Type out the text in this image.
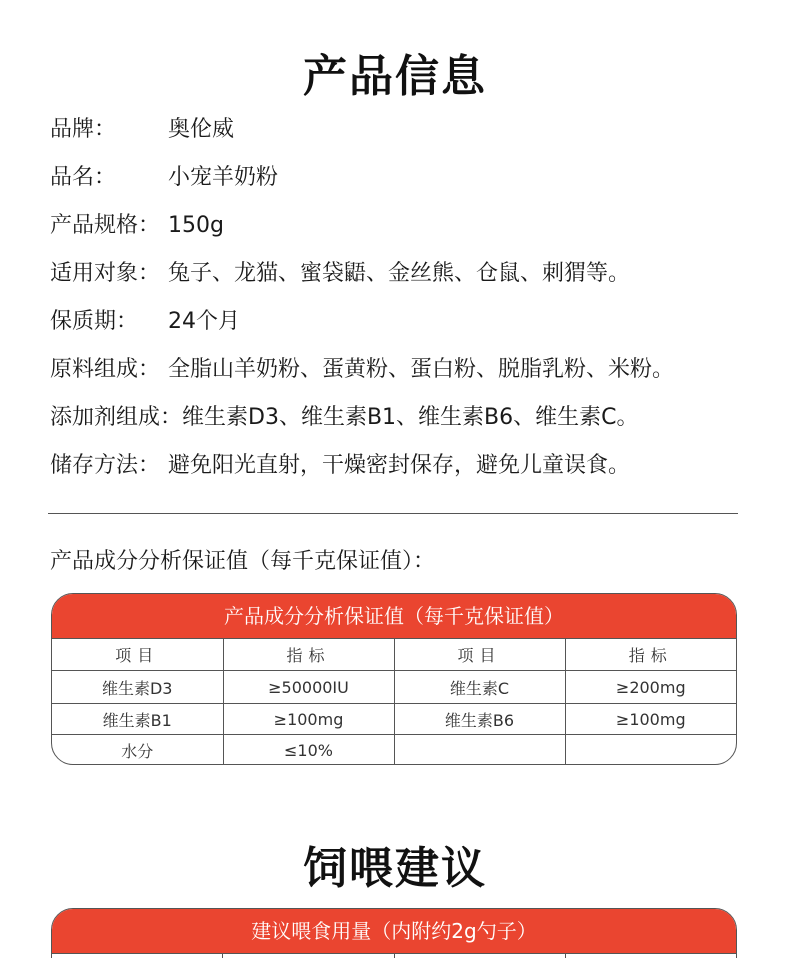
产品信息
品牌： 奥伦威
品名： 小宠羊奶粉
产品规格： 150g
适用对象： 兔子、龙猫、蜜袋鼯、金丝熊、仓鼠、刺猬等。
保质期： 24个月
原料组成： 全脂山羊奶粉、蛋黄粉、蛋白粉、脱脂乳粉、米粉。
添加剂组成：维生素D3、维生素B1、维生素B6、维生素C。
储存方法： 避免阳光直射，干燥密封保存，避免儿童误食。
产品成分分析保证值（每千克保证值）：
产品成分分析保证值（每千克保证值）
项目	指标	项目	指标
维生素D3	≥50000IU	维生素C	≥200mg
维生素B1	≥100mg	维生素B6	≥100mg
水分	≤10%		
饲喂建议
建议喂食用量（内附约2g勺子）
